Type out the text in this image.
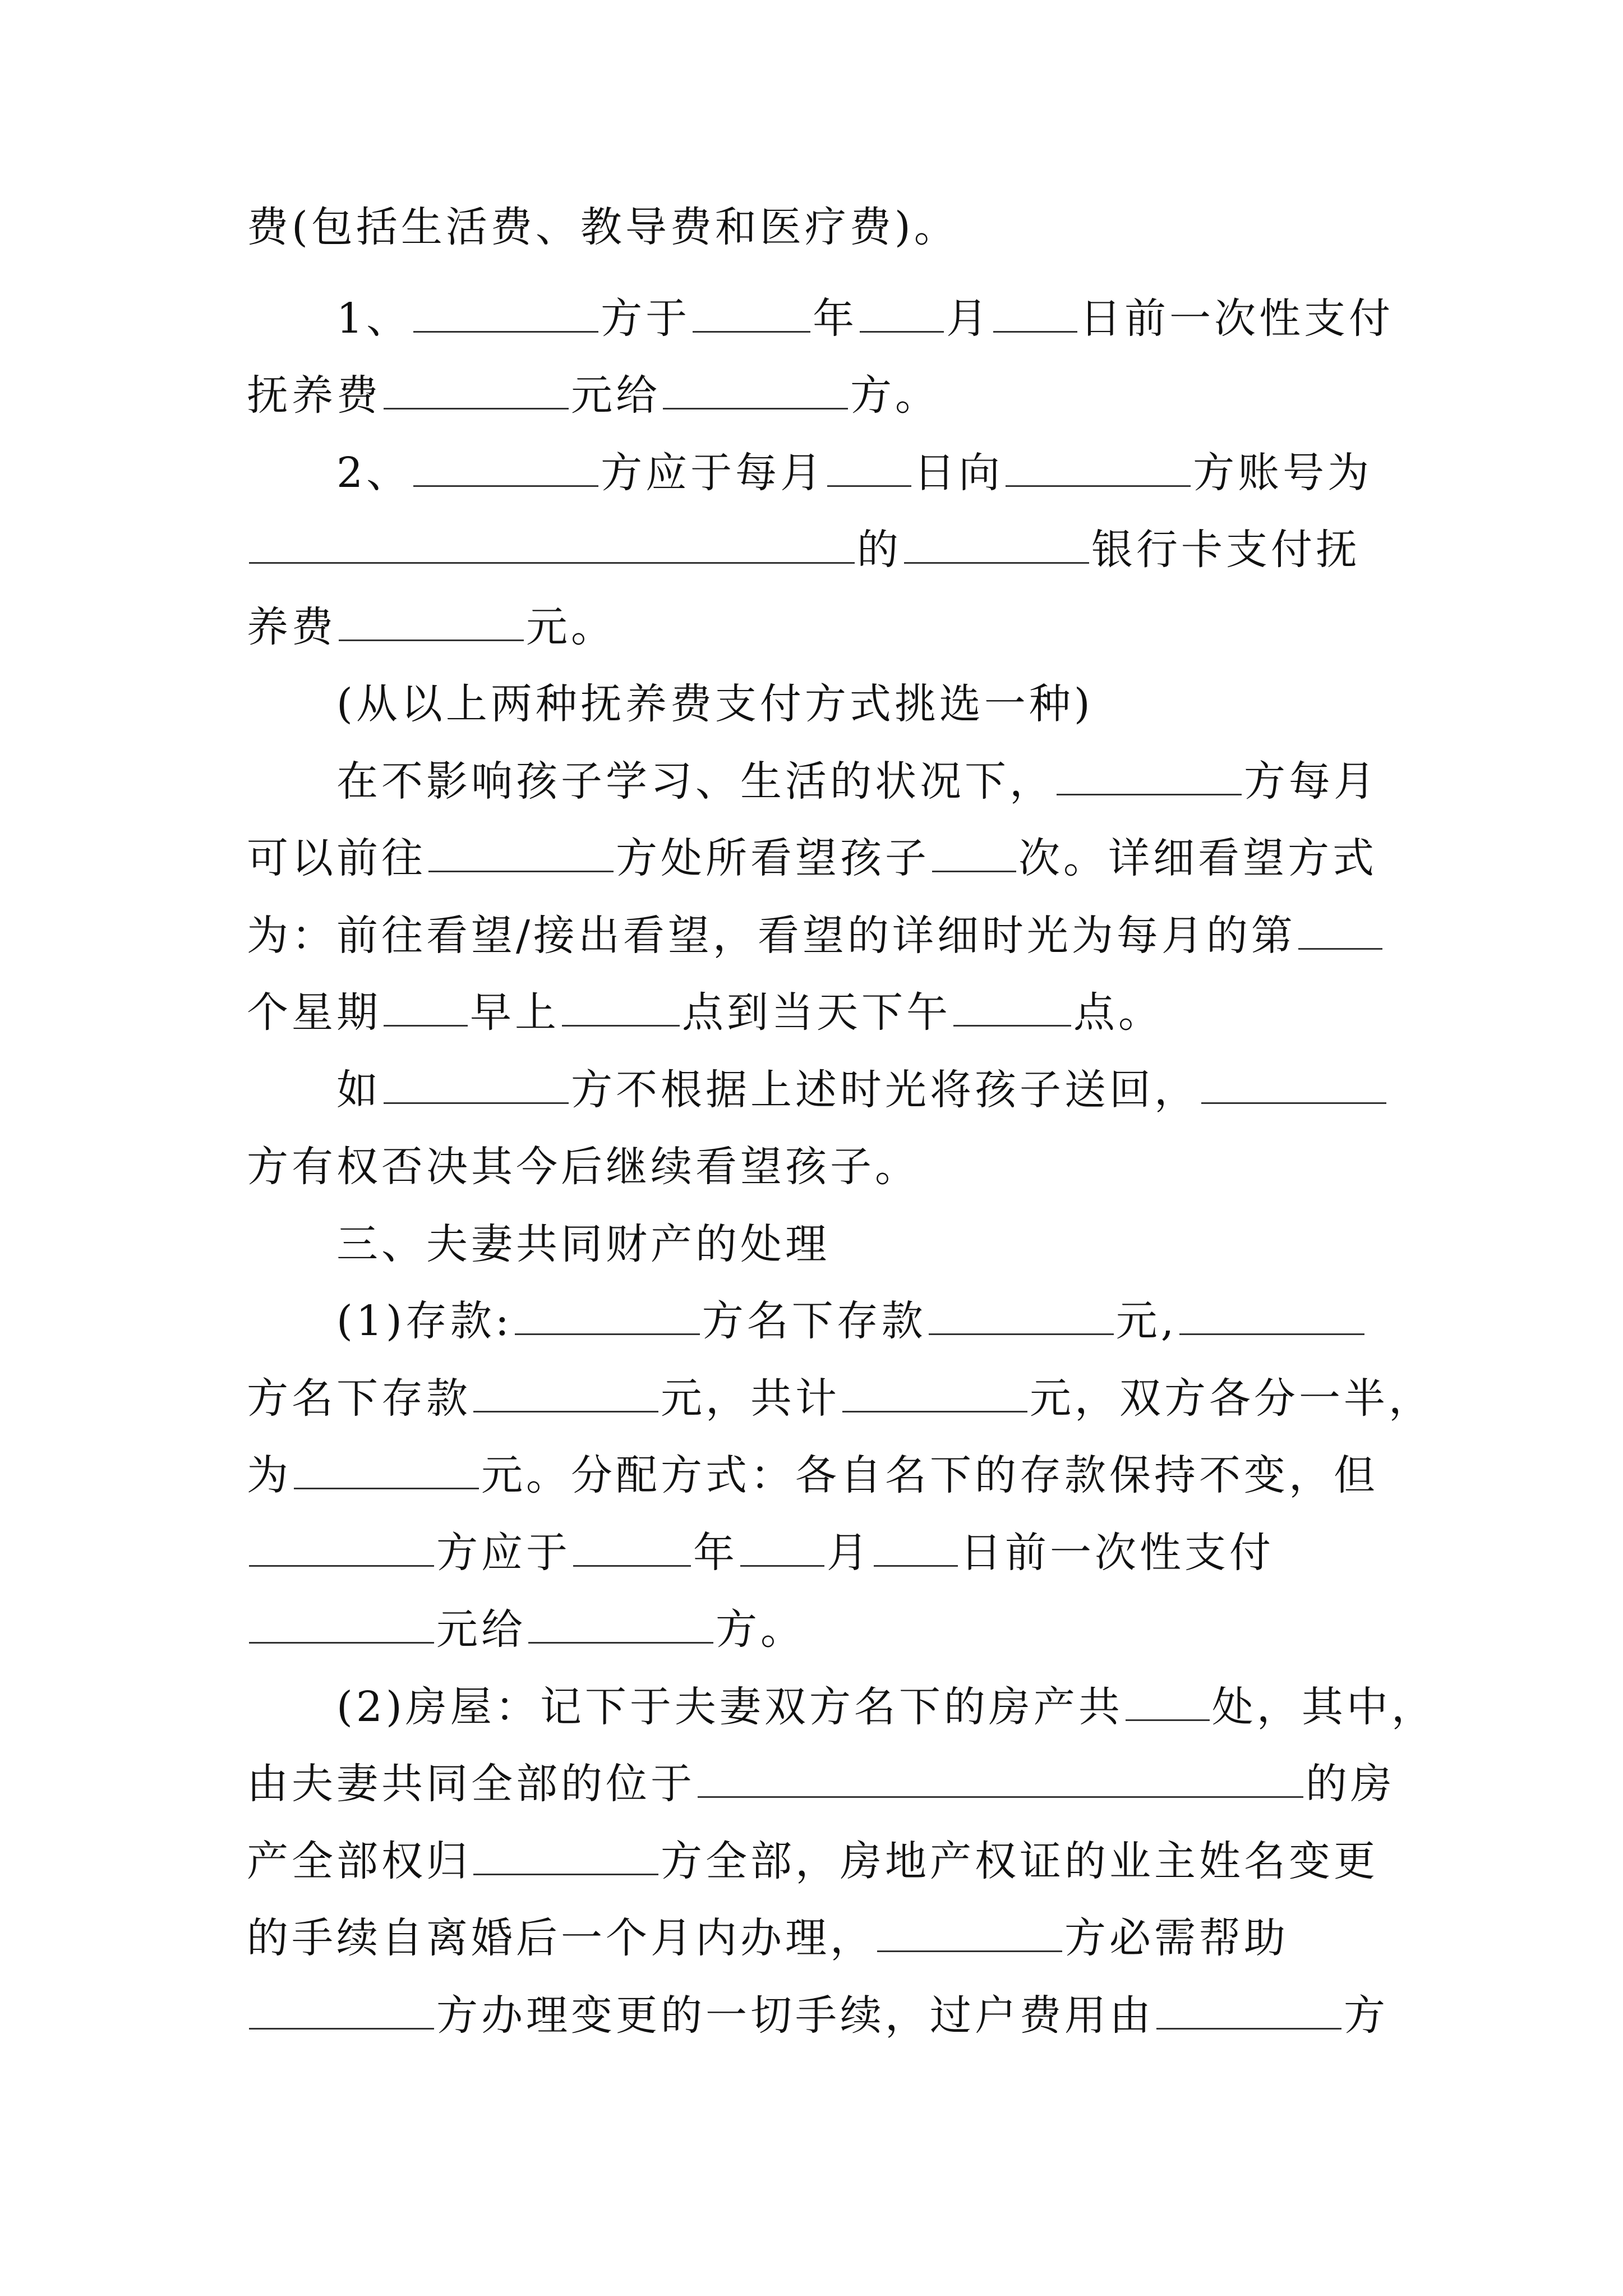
费(包括生活费、教导费和医疗费)。
1、	方于	年 月 日前一次性支付
抚养费	元给	方。
2、	方应于每月 日向	方账号为
的	银行卡支付抚
养费	元。
(从以上两种抚养费支付方式挑选一种)
在不影响孩子学习、生活的状况下，	方每月
可以前往	方处所看望孩子 次。详细看望方式
为：前往看望/接出看望，看望的详细时光为每月的第
个星期 早上	点到当天下午	点。
如	方不根据上述时光将孩子送回，
方有权否决其今后继续看望孩子。
三、夫妻共同财产的处理
(1)存款:	方名下存款	元,
方名下存款	元，共计	元，双方各分一半，
为	元。分配方式：各自名下的存款保持不变，但
方应于	年 月 日前一次性支付
元给	方。
(2)房屋：记下于夫妻双方名下的房产共 处，其中，
由夫妻共同全部的位于	的房
产全部权归	方全部，房地产权证的业主姓名变更
的手续自离婚后一个月内办理，	方必需帮助
方办理变更的一切手续，过户费用由	方
